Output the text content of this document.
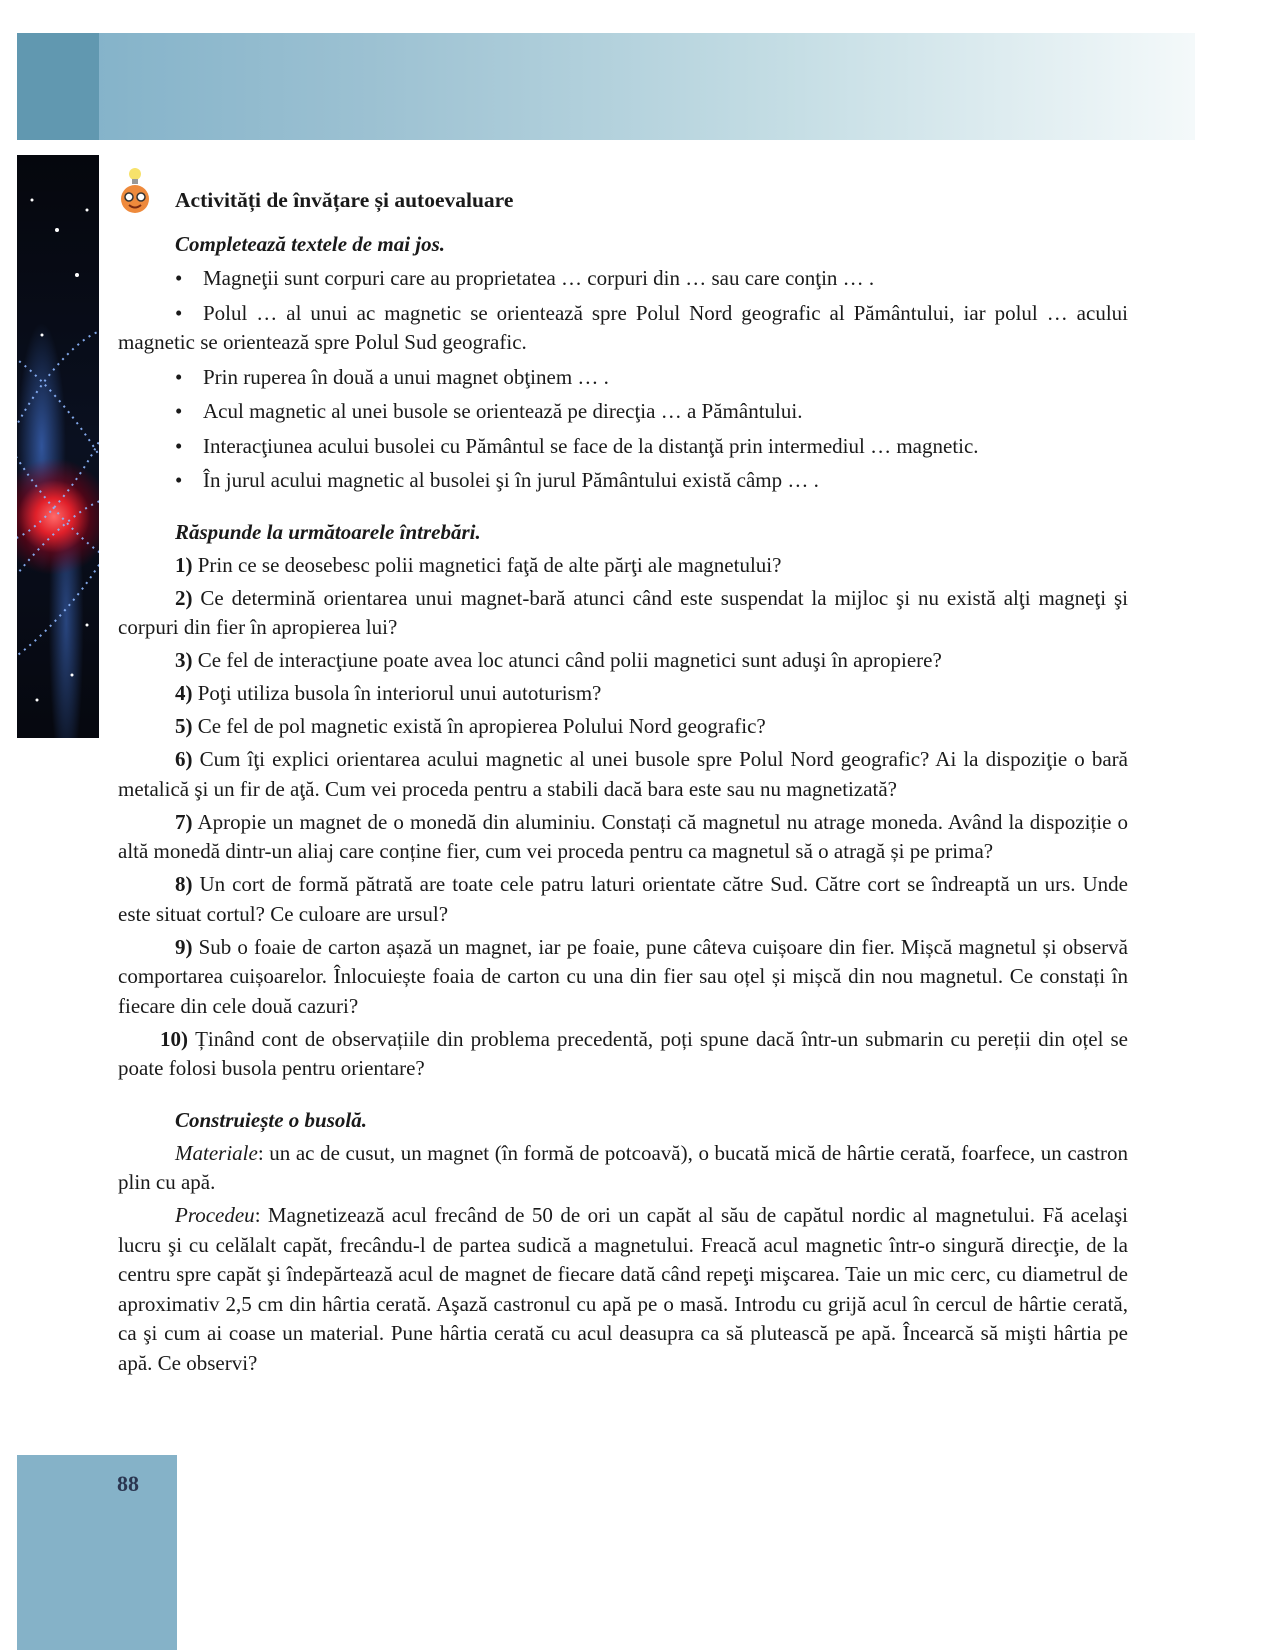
Activități de învățare și autoevaluare

Completează textele de mai jos.

• Magneţii sunt corpuri care au proprietatea … corpuri din … sau care conţin … .

• Polul … al unui ac magnetic se orientează spre Polul Nord geografic al Pământului, iar polul … acului magnetic se orientează spre Polul Sud geografic.

• Prin ruperea în două a unui magnet obţinem … .

• Acul magnetic al unei busole se orientează pe direcţia … a Pământului.

• Interacţiunea acului busolei cu Pământul se face de la distanţă prin intermediul … magnetic.

• În jurul acului magnetic al busolei şi în jurul Pământului există câmp … .

Răspunde la următoarele întrebări.

1) Prin ce se deosebesc polii magnetici faţă de alte părţi ale magnetului?

2) Ce determină orientarea unui magnet-bară atunci când este suspendat la mijloc şi nu există alţi magneţi şi corpuri din fier în apropierea lui?

3) Ce fel de interacţiune poate avea loc atunci când polii magnetici sunt aduşi în apropiere?

4) Poţi utiliza busola în interiorul unui autoturism?

5) Ce fel de pol magnetic există în apropierea Polului Nord geografic?

6) Cum îţi explici orientarea acului magnetic al unei busole spre Polul Nord geografic? Ai la dispoziţie o bară metalică şi un fir de aţă. Cum vei proceda pentru a stabili dacă bara este sau nu magnetizată?

7) Apropie un magnet de o monedă din aluminiu. Constați că magnetul nu atrage moneda. Având la dispoziție o altă monedă dintr-un aliaj care conține fier, cum vei proceda pentru ca magnetul să o atragă și pe prima?

8) Un cort de formă pătrată are toate cele patru laturi orientate către Sud. Către cort se îndreaptă un urs. Unde este situat cortul? Ce culoare are ursul?

9) Sub o foaie de carton așază un magnet, iar pe foaie, pune câteva cuișoare din fier. Mișcă magnetul și observă comportarea cuișoarelor. Înlocuiește foaia de carton cu una din fier sau oțel și mișcă din nou magnetul. Ce constați în fiecare din cele două cazuri?

10) Ținând cont de observațiile din problema precedentă, poți spune dacă într-un submarin cu pereții din oțel se poate folosi busola pentru orientare?

Construiește o busolă.

Materiale: un ac de cusut, un magnet (în formă de potcoavă), o bucată mică de hârtie cerată, foarfece, un castron plin cu apă.

Procedeu: Magnetizează acul frecând de 50 de ori un capăt al său de capătul nordic al magnetului. Fă acelaşi lucru şi cu celălalt capăt, frecându-l de partea sudică a magnetului. Freacă acul magnetic într-o singură direcţie, de la centru spre capăt şi îndepărtează acul de magnet de fiecare dată când repeţi mişcarea. Taie un mic cerc, cu diametrul de aproximativ 2,5 cm din hârtia cerată. Aşază castronul cu apă pe o masă. Introdu cu grijă acul în cercul de hârtie cerată, ca şi cum ai coase un material. Pune hârtia cerată cu acul deasupra ca să plutească pe apă. Încearcă să mişti hârtia pe apă. Ce observi?

88
